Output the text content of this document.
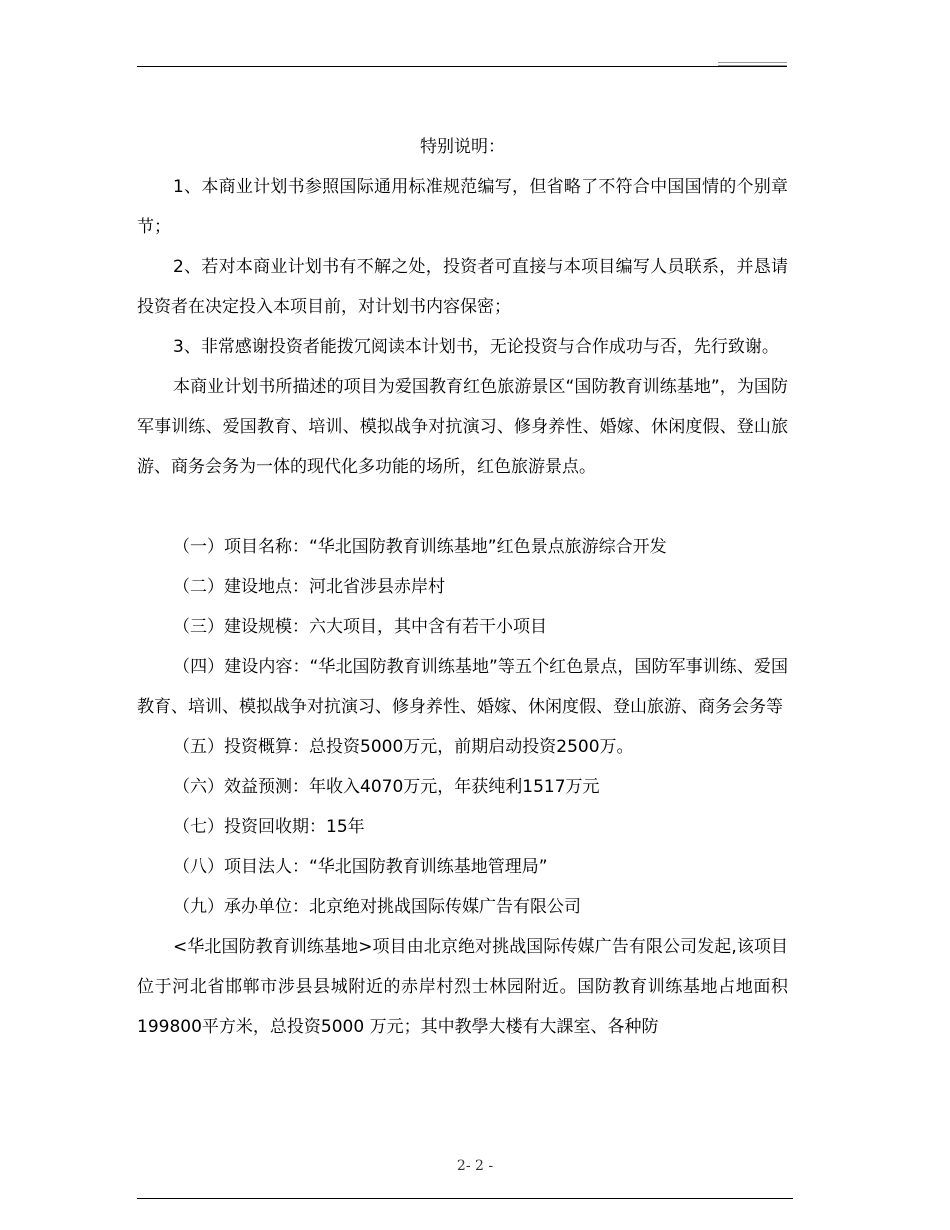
特别说明：

1、本商业计划书参照国际通用标准规范编写，但省略了不符合中国国情的个别章节；

2、若对本商业计划书有不解之处，投资者可直接与本项目编写人员联系，并恳请投资者在决定投入本项目前，对计划书内容保密；

3、非常感谢投资者能拨冗阅读本计划书，无论投资与合作成功与否，先行致谢。

本商业计划书所描述的项目为爱国教育红色旅游景区“国防教育训练基地”，为国防军事训练、爱国教育、培训、模拟战争对抗演习、修身养性、婚嫁、休闲度假、登山旅游、商务会务为一体的现代化多功能的场所，红色旅游景点。

（一）项目名称：“华北国防教育训练基地”红色景点旅游综合开发

（二）建设地点：河北省涉县赤岸村

（三）建设规模：六大项目，其中含有若干小项目

（四）建设内容：“华北国防教育训练基地”等五个红色景点，国防军事训练、爱国教育、培训、模拟战争对抗演习、修身养性、婚嫁、休闲度假、登山旅游、商务会务等

（五）投资概算：总投资5000万元，前期启动投资2500万。

（六）效益预测：年收入4070万元，年获纯利1517万元

（七）投资回收期：15年

（八）项目法人：“华北国防教育训练基地管理局”

（九）承办单位：北京绝对挑战国际传媒广告有限公司

<华北国防教育训练基地>项目由北京绝对挑战国际传媒广告有限公司发起,该项目位于河北省邯郸市涉县县城附近的赤岸村烈士林园附近。国防教育训练基地占地面积199800平方米，总投资5000 万元；其中教學大楼有大課室、各种防

2- 2 -
